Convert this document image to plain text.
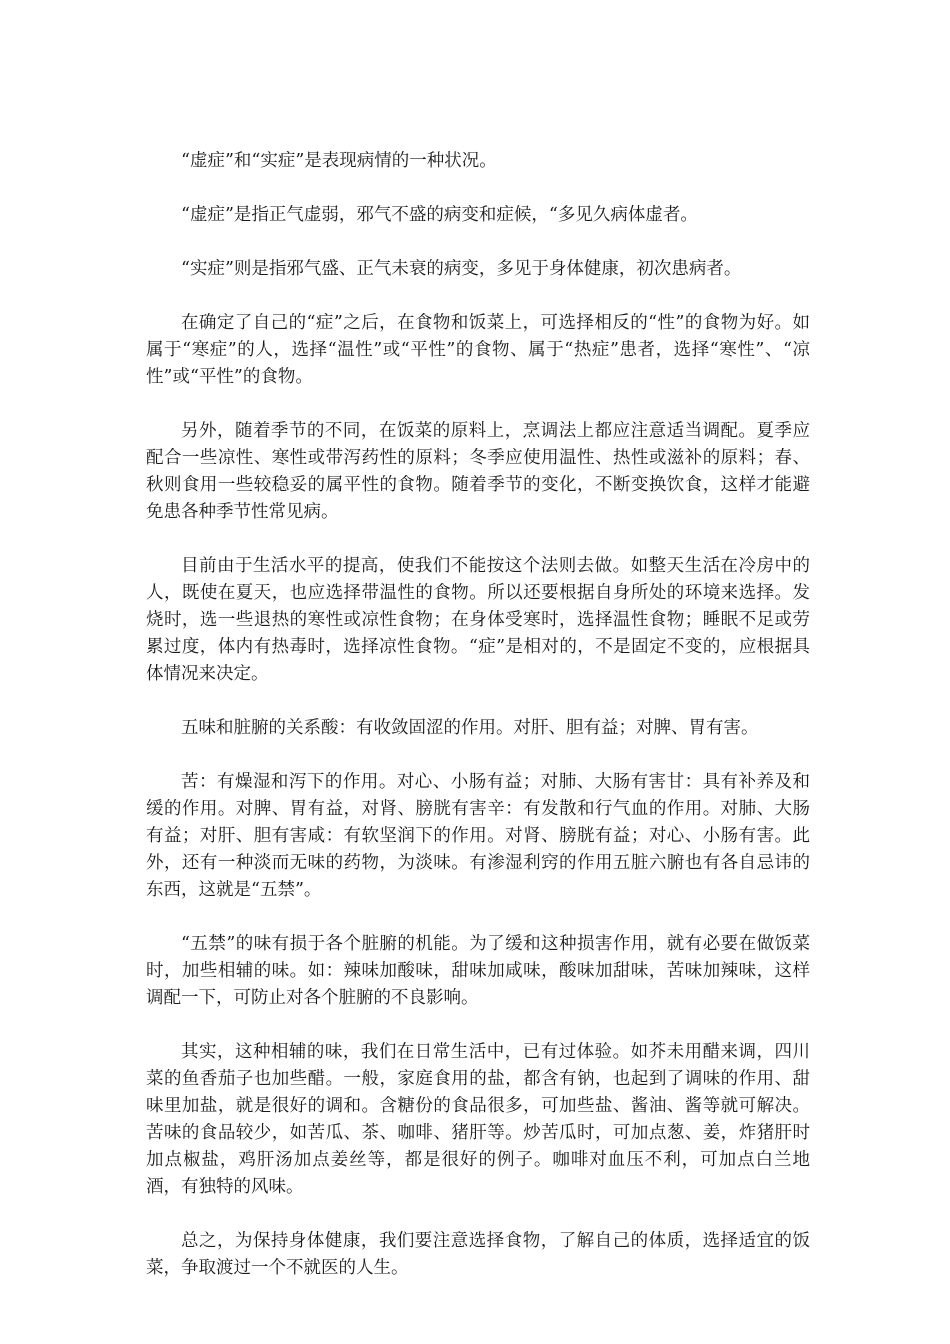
“虚症”和“实症”是表现病情的一种状况。

“虚症”是指正气虚弱，邪气不盛的病变和症候，“多见久病体虚者。

“实症”则是指邪气盛、正气未衰的病变，多见于身体健康，初次患病者。

在确定了自己的“症”之后，在食物和饭菜上，可选择相反的“性”的食物为好。如属于“寒症”的人，选择“温性”或“平性”的食物、属于“热症”患者，选择“寒性”、“凉性”或“平性”的食物。

另外，随着季节的不同，在饭菜的原料上，烹调法上都应注意适当调配。夏季应配合一些凉性、寒性或带泻药性的原料；冬季应使用温性、热性或滋补的原料；春、秋则食用一些较稳妥的属平性的食物。随着季节的变化，不断变换饮食，这样才能避免患各种季节性常见病。

目前由于生活水平的提高，使我们不能按这个法则去做。如整天生活在冷房中的人，既使在夏天，也应选择带温性的食物。所以还要根据自身所处的环境来选择。发烧时，选一些退热的寒性或凉性食物；在身体受寒时，选择温性食物；睡眠不足或劳累过度，体内有热毒时，选择凉性食物。“症”是相对的，不是固定不变的，应根据具体情况来决定。

五味和脏腑的关系酸：有收敛固涩的作用。对肝、胆有益；对脾、胃有害。

苦：有燥湿和泻下的作用。对心、小肠有益；对肺、大肠有害甘：具有补养及和缓的作用。对脾、胃有益，对肾、膀胱有害辛：有发散和行气血的作用。对肺、大肠有益；对肝、胆有害咸：有软坚润下的作用。对肾、膀胱有益；对心、小肠有害。此外，还有一种淡而无味的药物，为淡味。有渗湿利窍的作用五脏六腑也有各自忌讳的东西，这就是“五禁”。

“五禁”的味有损于各个脏腑的机能。为了缓和这种损害作用，就有必要在做饭菜时，加些相辅的味。如：辣味加酸味，甜味加咸味，酸味加甜味，苦味加辣味，这样调配一下，可防止对各个脏腑的不良影响。

其实，这种相辅的味，我们在日常生活中，已有过体验。如芥未用醋来调，四川菜的鱼香茄子也加些醋。一般，家庭食用的盐，都含有钠，也起到了调味的作用、甜味里加盐，就是很好的调和。含糖份的食品很多，可加些盐、酱油、酱等就可解决。苦味的食品较少，如苦瓜、茶、咖啡、猪肝等。炒苦瓜时，可加点葱、姜，炸猪肝时加点椒盐，鸡肝汤加点姜丝等，都是很好的例子。咖啡对血压不利，可加点白兰地酒，有独特的风味。

总之，为保持身体健康，我们要注意选择食物，了解自己的体质，选择适宜的饭菜，争取渡过一个不就医的人生。
